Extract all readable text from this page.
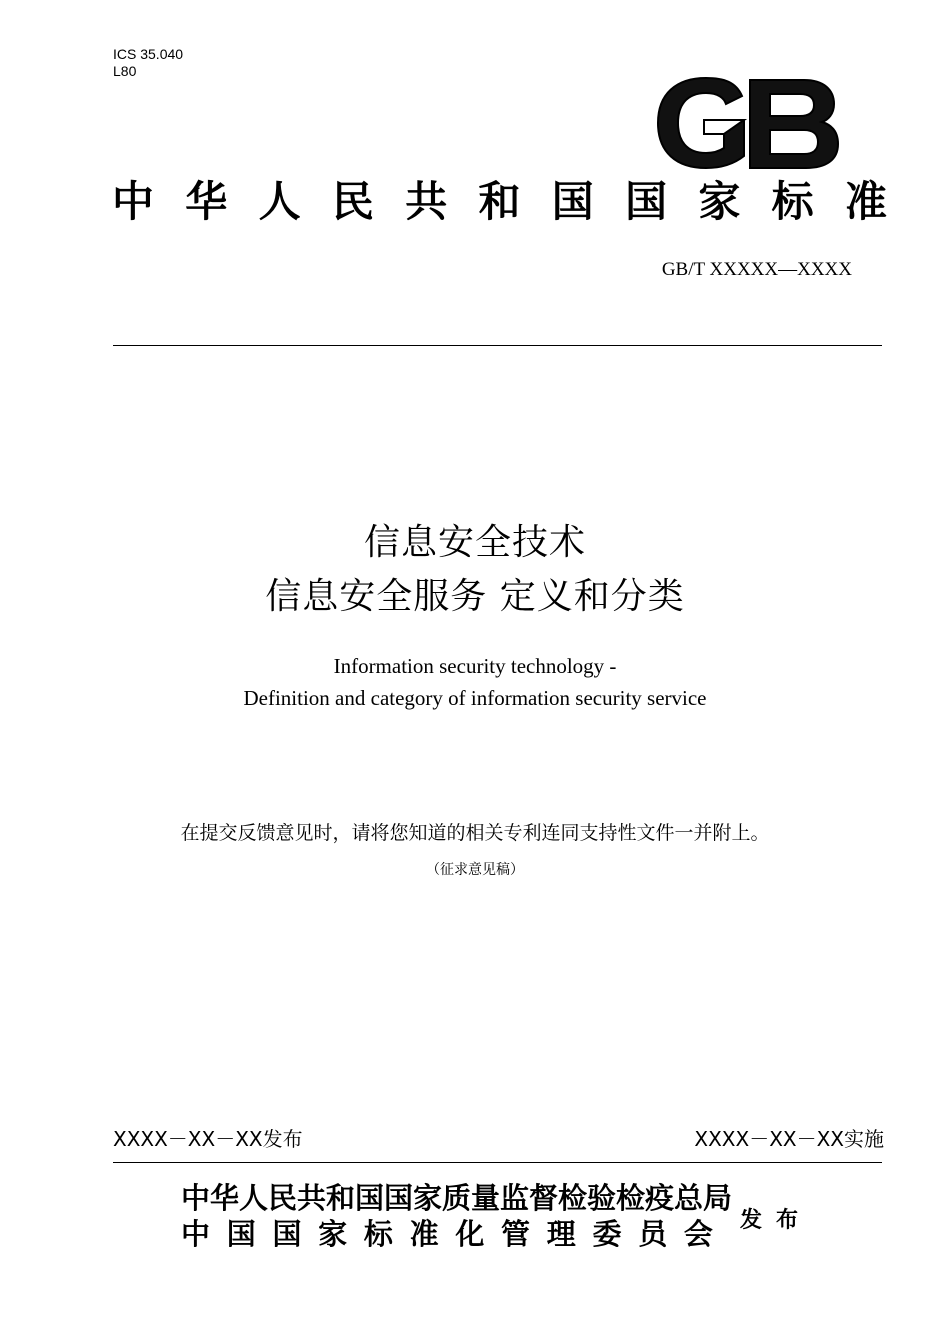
ICS 35.040
L80	GB
中 华 人 民 共 和 国 国 家 标 准
GB/T XXXXX—XXXX
信息安全技术
信息安全服务 定义和分类
Information security technology -
Definition and category of information security service
在提交反馈意见时，请将您知道的相关专利连同支持性文件一并附上。
（征求意见稿）
XXXX－XX－XX发布	XXXX－XX－XX实施
中华人民共和国国家质量监督检验检疫总局
中 国 国 家 标 准 化 管 理 委 员 会 发布
